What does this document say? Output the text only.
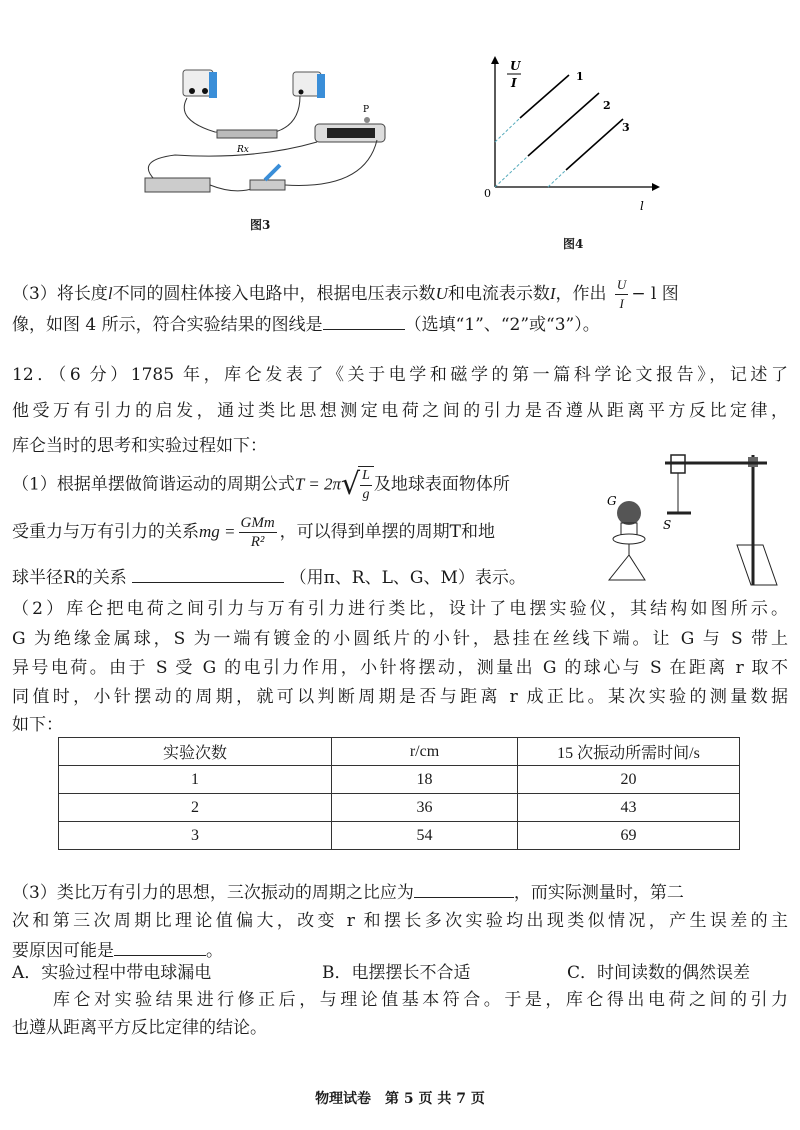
Rx
P
图3
U
I
l
0
1
2
3
图4
（3）将长度l不同的圆柱体接入电路中，根据电压表示数U和电流表示数I，作出 $\frac{U}{I} - l$ 图
像，如图 4 所示，符合实验结果的图线是	（选填“1”、“2”或“3”）。
12．（6 分）1785 年，库仑发表了《关于电学和磁学的第一篇科学论文报告》，记述了
他受万有引力的启发，通过类比思想测定电荷之间的引力是否遵从距离平方反比定律，
库仑当时的思考和实验过程如下：
（1）根据单摆做简谐运动的周期公式T = 2π √
$\frac{L}{g}$ 及地球表面物体所
受重力与万有引力的关系mg = $\frac{\text{GMm}}{\text{R²}}$ ，可以得到单摆的周期T和地
球半径R的关系	（用π、R、L、G、M）表示。
G
S
（2）库仑把电荷之间引力与万有引力进行类比，设计了电摆实验仪，其结构如图所示。
G 为绝缘金属球，S 为一端有镀金的小圆纸片的小针，悬挂在丝线下端。让 G 与 S 带上
异号电荷。由于 S 受 G 的电引力作用，小针将摆动，测量出 G 的球心与 S 在距离 r 取不
同值时，小针摆动的周期，就可以判断周期是否与距离 r 成正比。某次实验的测量数据
如下：
实验次数	r/cm	15 次振动所需时间/s
1	18	20
2	36	43
3	54	69
（3）类比万有引力的思想，三次振动的周期之比应为	，而实际测量时，第二
次和第三次周期比理论值偏大，改变 r 和摆长多次实验均出现类似情况，产生误差的主
要原因可能是	。
A．实验过程中带电球漏电	B．电摆摆长不合适	C．时间读数的偶然误差
　　库仑对实验结果进行修正后，与理论值基本符合。于是，库仑得出电荷之间的引力
也遵从距离平方反比定律的结论。
物理试卷　第 5 页 共 7 页
